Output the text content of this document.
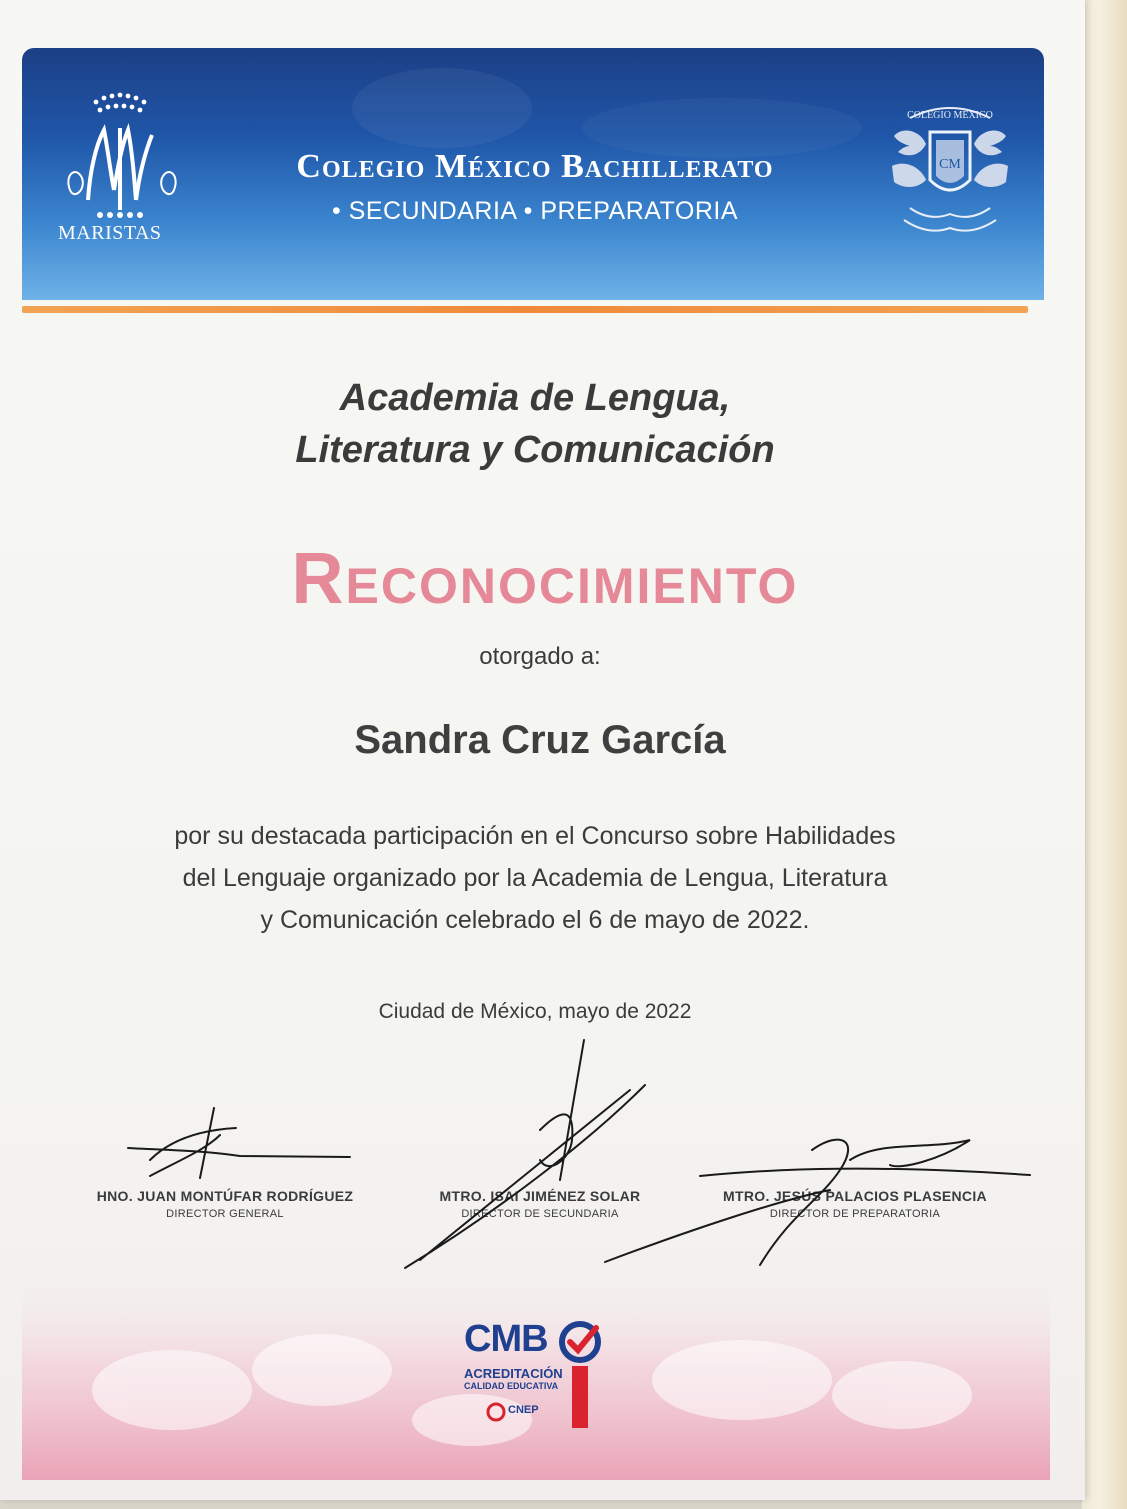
MARISTAS
Colegio México Bachillerato
• SECUNDARIA • PREPARATORIA
COLEGIO MEXICO
CM
Academia de Lengua,
Literatura y Comunicación
Reconocimiento
otorgado a:
Sandra Cruz García
por su destacada participación en el Concurso sobre Habilidades
del Lenguaje organizado por la Academia de Lengua, Literatura
y Comunicación celebrado el 6 de mayo de 2022.
Ciudad de México, mayo de 2022
HNO. JUAN MONTÚFAR RODRÍGUEZ
DIRECTOR GENERAL
MTRO. ISAI JIMÉNEZ SOLAR
DIRECTOR DE SECUNDARIA
MTRO. JESÚS PALACIOS PLASENCIA
DIRECTOR DE PREPARATORIA
CMB
ACREDITACIÓN
CALIDAD EDUCATIVA
CNEP
